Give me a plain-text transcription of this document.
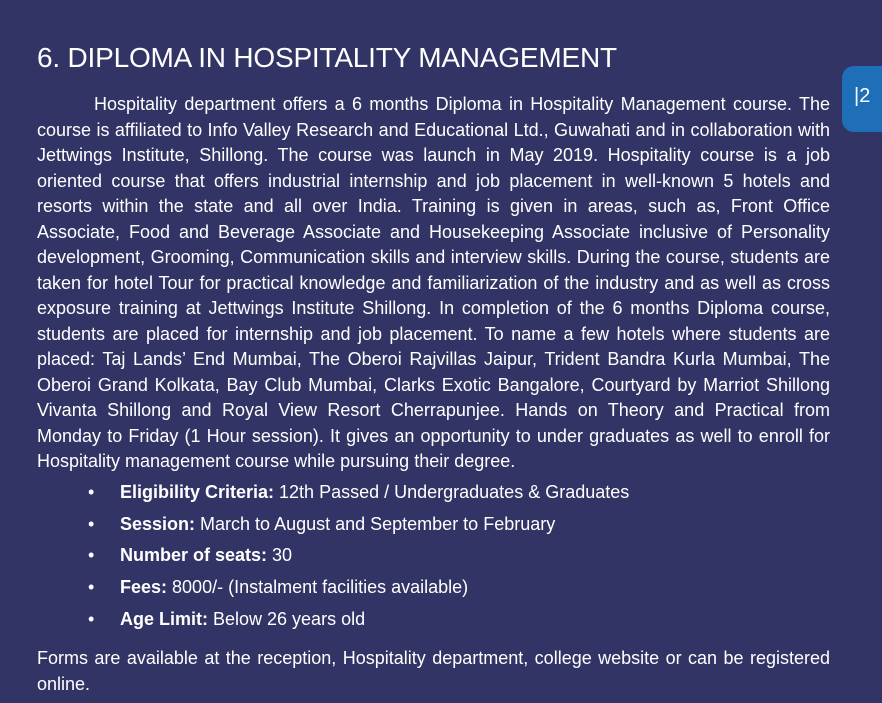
6. DIPLOMA IN HOSPITALITY MANAGEMENT

Hospitality department offers a 6 months Diploma in Hospitality Management course. The course is affiliated to Info Valley Research and Educational Ltd., Guwahati and in collaboration with Jettwings Institute, Shillong. The course was launch in May 2019. Hospitality course is a job oriented course that offers industrial internship and job placement in well-known 5 hotels and resorts within the state and all over India. Training is given in areas, such as, Front Office Associate, Food and Beverage Associate and Housekeeping Associate inclusive of Personality development, Grooming, Communication skills and interview skills. During the course, students are taken for hotel Tour for practical knowledge and familiarization of the industry and as well as cross exposure training at Jettwings Institute Shillong. In completion of the 6 months Diploma course, students are placed for internship and job placement. To name a few hotels where students are placed: Taj Lands’ End Mumbai, The Oberoi Rajvillas Jaipur, Trident Bandra Kurla Mumbai, The Oberoi Grand Kolkata, Bay Club Mumbai, Clarks Exotic Bangalore, Courtyard by Marriot Shillong Vivanta Shillong and Royal View Resort Cherrapunjee. Hands on Theory and Practical from Monday to Friday (1 Hour session). It gives an opportunity to under graduates as well to enroll for Hospitality management course while pursuing their degree.

• Eligibility Criteria: 12th Passed / Undergraduates & Graduates
• Session: March to August and September to February
• Number of seats: 30
• Fees: 8000/- (Instalment facilities available)
• Age Limit: Below 26 years old

Forms are available at the reception, Hospitality department, college website or can be registered online.

|2
